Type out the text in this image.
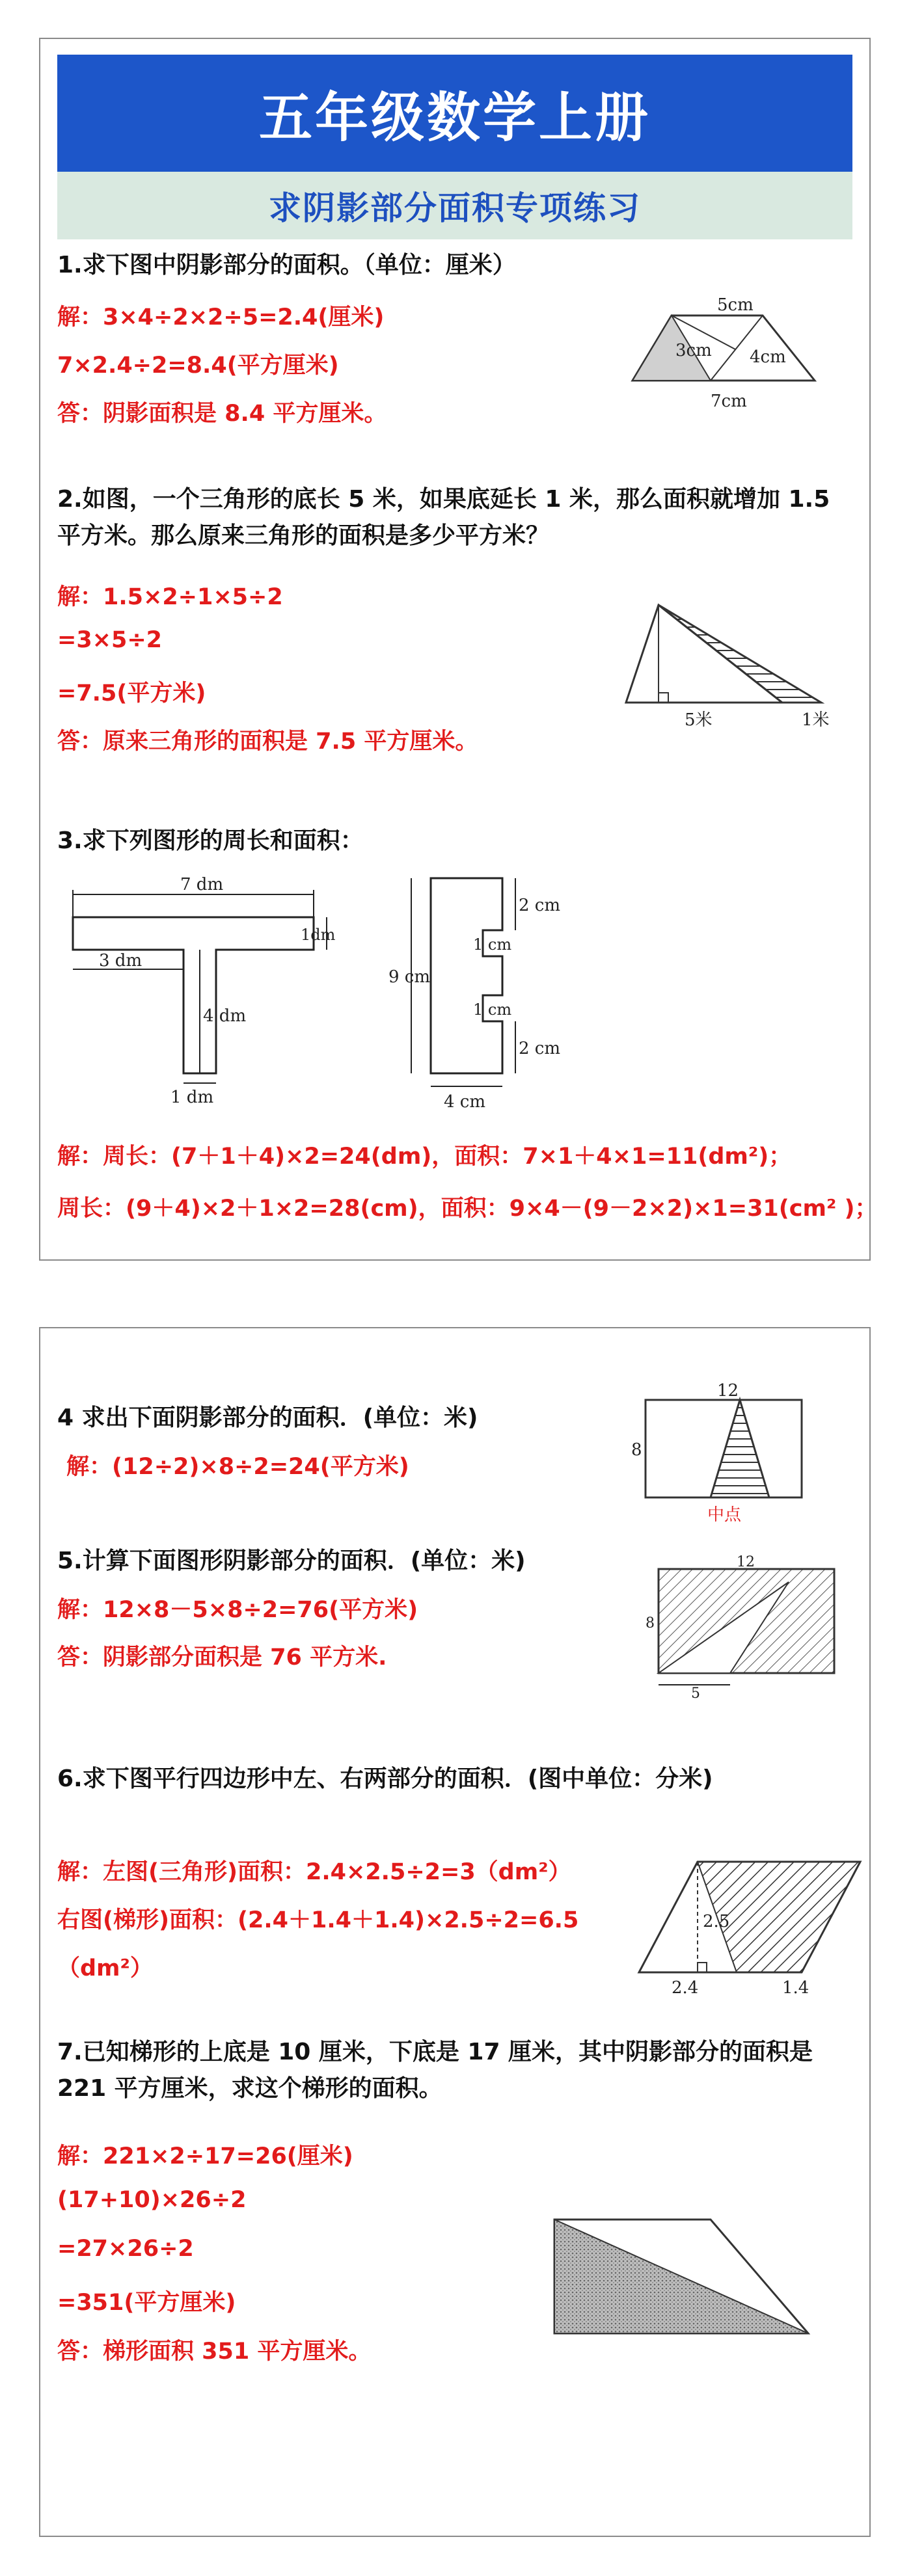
五年级数学上册
求阴影部分面积专项练习
1.求下图中阴影部分的面积。（单位：厘米）
解：3×4÷2×2÷5=2.4(厘米)
7×2.4÷2=8.4(平方厘米)
答：阴影面积是 8.4 平方厘米。
5cm
3cm 4cm
7cm
2.如图，一个三角形的底长 5 米，如果底延长 1 米，那么面积就增加 1.5 平方米。那么原来三角形的面积是多少平方米？
解：1.5×2÷1×5÷2
=3×5÷2
=7.5(平方米)
答：原来三角形的面积是 7.5 平方厘米。
5米	1米
3.求下列图形的周长和面积：
7 dm
1dm
3 dm
4 dm
1 dm
9 cm
2 cm
1 cm
1 cm
2 cm
4 cm
解：周长：(7＋1＋4)×2=24(dm)，面积：7×1＋4×1=11(dm²)；
周长：(9＋4)×2＋1×2=28(cm)，面积：9×4－(9－2×2)×1=31(cm² )；
4 求出下面阴影部分的面积．(单位：米)
解：(12÷2)×8÷2=24(平方米)
12
8
中点
5.计算下面图形阴影部分的面积．(单位：米)
解：12×8－5×8÷2=76(平方米)
答：阴影部分面积是 76 平方米.
12
8
5
6.求下图平行四边形中左、右两部分的面积．(图中单位：分米)
解：左图(三角形)面积：2.4×2.5÷2=3（dm²）
右图(梯形)面积：(2.4＋1.4＋1.4)×2.5÷2=6.5
（dm²）
2.5
2.4	1.4
7.已知梯形的上底是 10 厘米，下底是 17 厘米，其中阴影部分的面积是 221 平方厘米，求这个梯形的面积。
解：221×2÷17=26(厘米)
(17+10)×26÷2
=27×26÷2
=351(平方厘米)
答：梯形面积 351 平方厘米。
